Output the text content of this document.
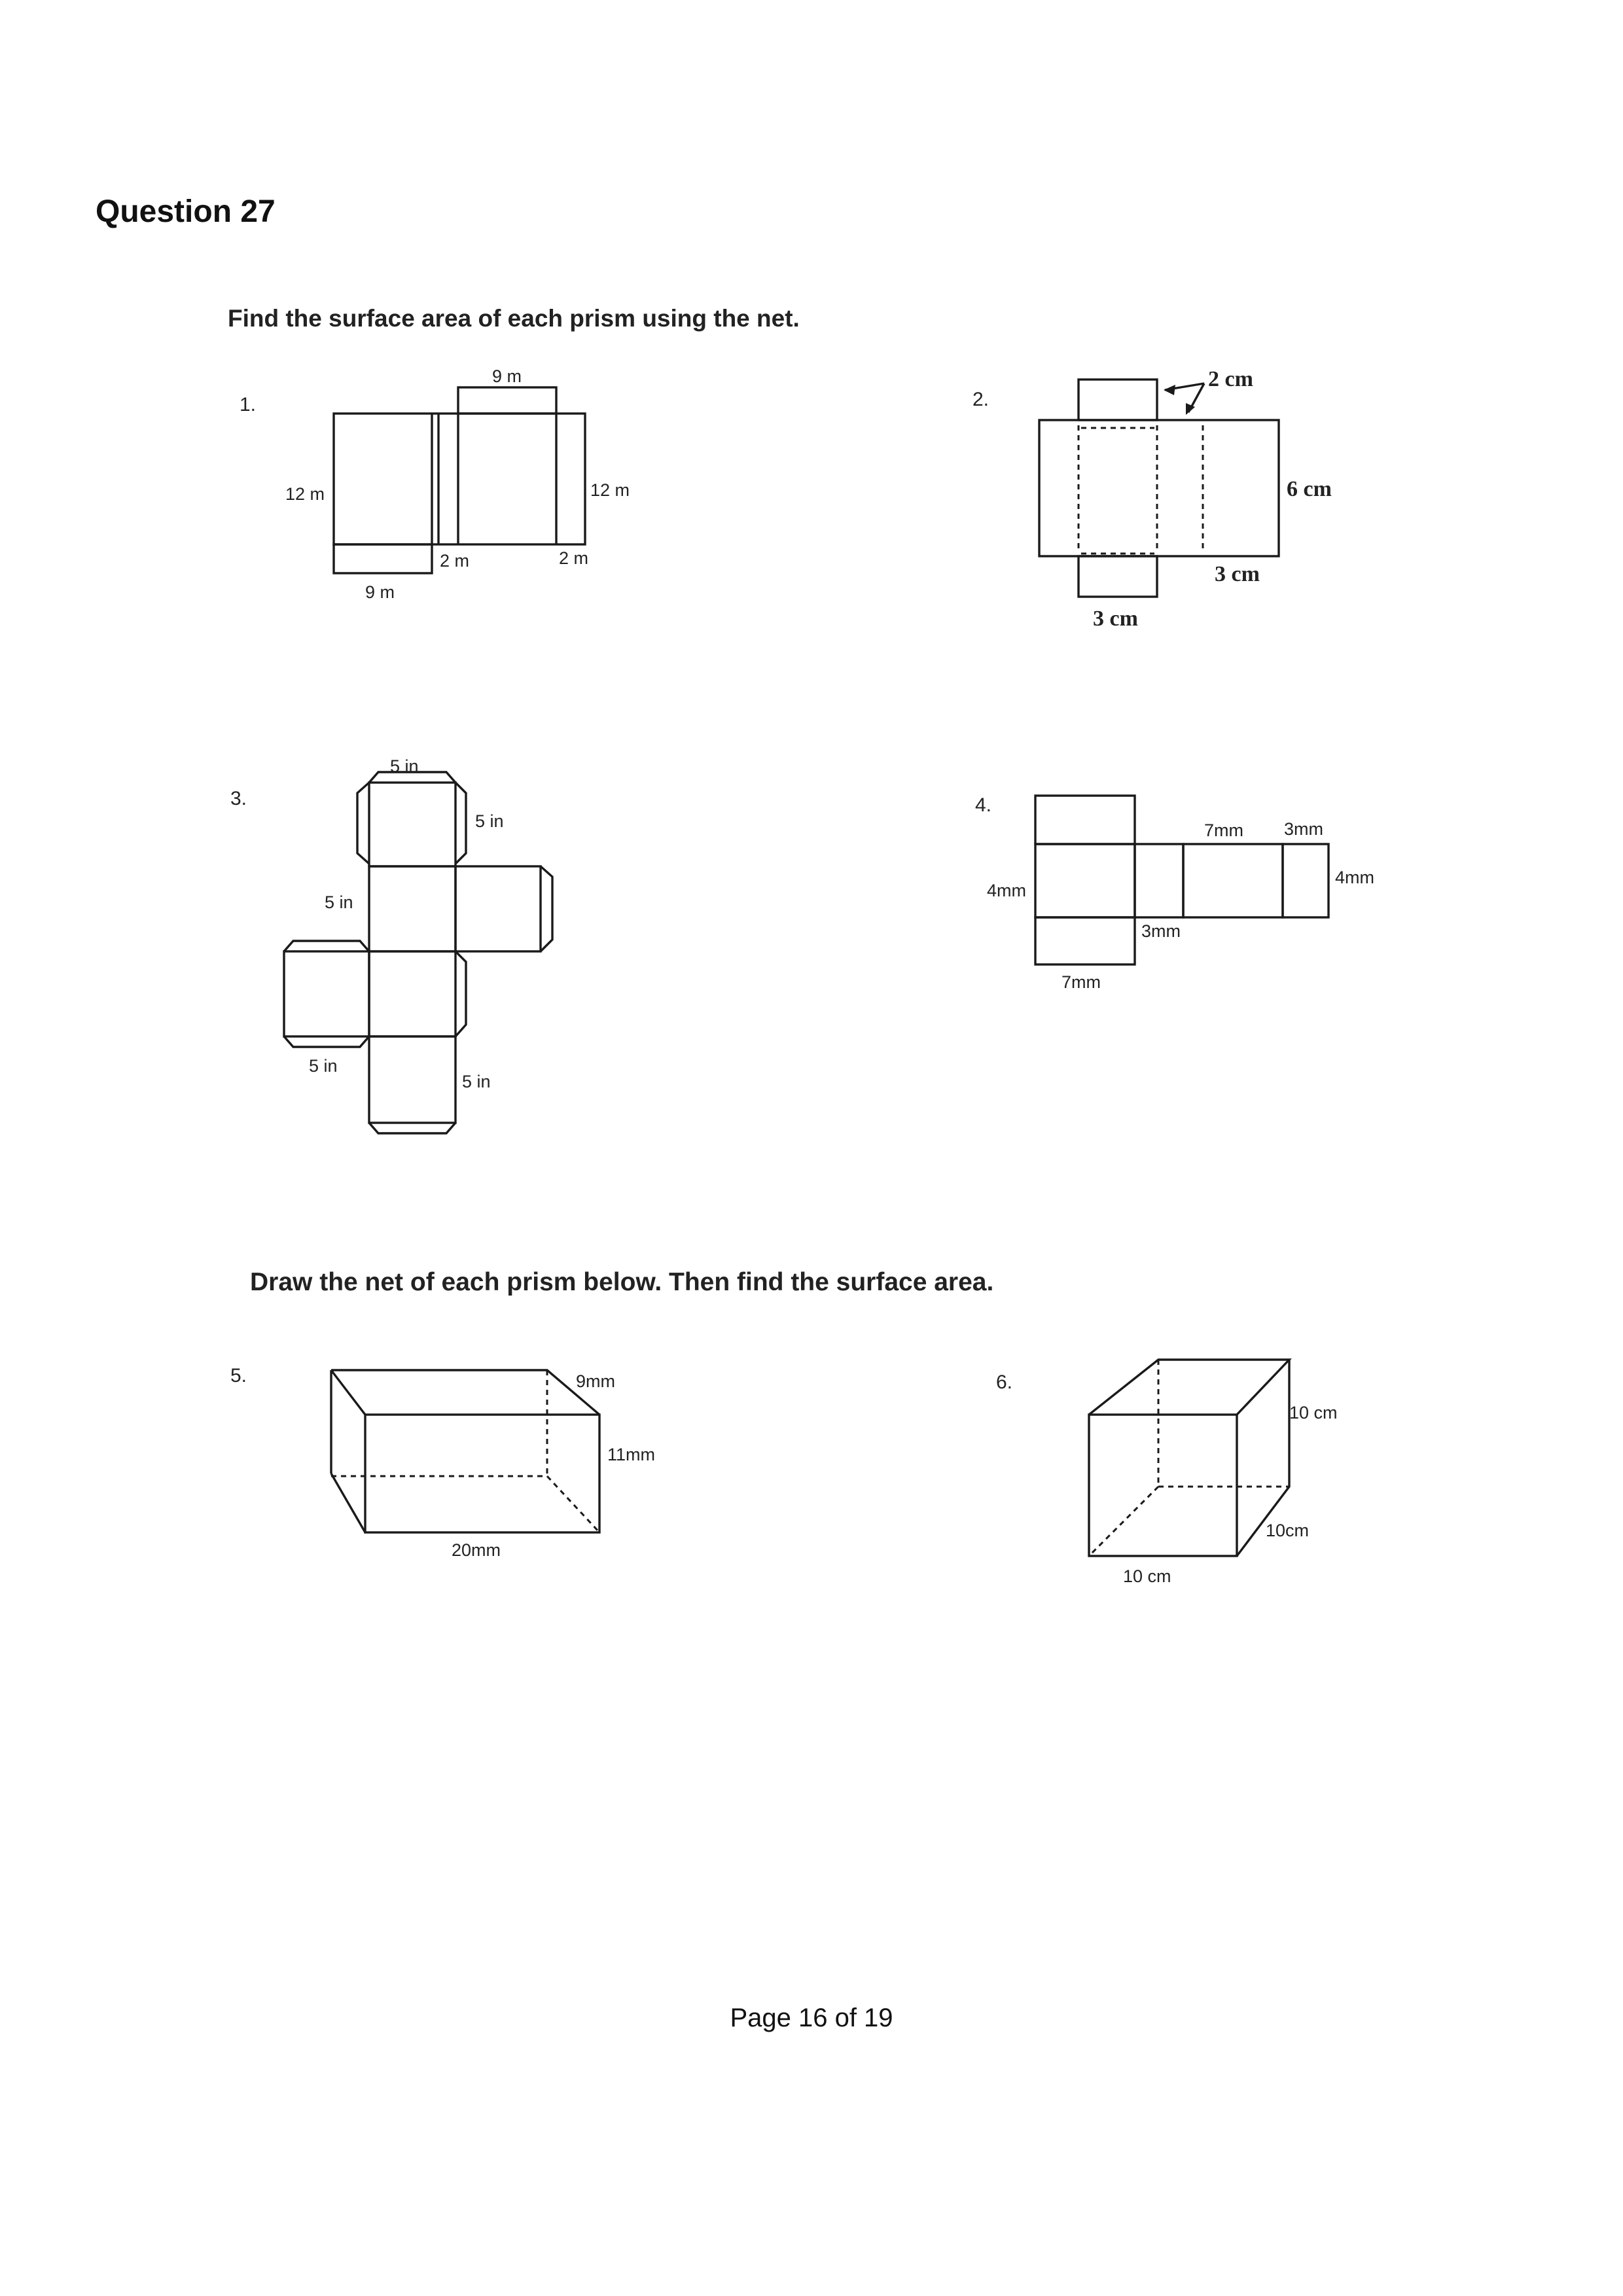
Question 27
Find the surface area of each prism using the net.
Draw the net of each prism below. Then find the surface area.
1.
9 m
12 m	12 m
2 m	2 m
9 m
2.
2 cm
6 cm
3 cm
3 cm
3.
5 in
5 in
5 in
5 in
5 in
4.
7mm 3mm
4mm
4mm
3mm
7mm
5.	9mm
11mm
20mm
6.
10 cm
10cm
10 cm
Page 16 of 19
